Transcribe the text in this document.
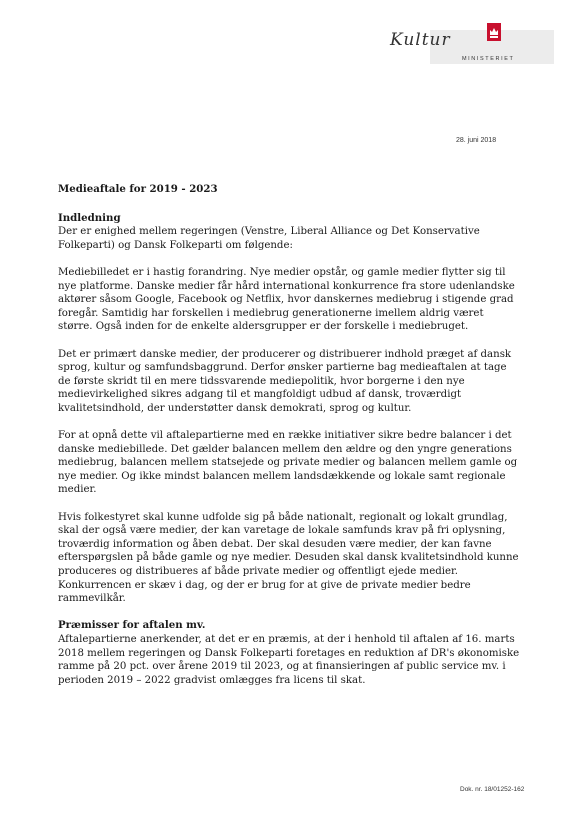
Kultur
MINISTERIET
28. juni 2018
Medieaftale for 2019 - 2023
Indledning

Der er enighed mellem regeringen (Venstre, Liberal Alliance og Det Konservative Folkeparti) og Dansk Folkeparti om følgende:

Mediebilledet er i hastig forandring. Nye medier opstår, og gamle medier flytter sig til nye platforme. Danske medier får hård international konkurrence fra store udenlandske aktører såsom Google, Facebook og Netflix, hvor danskernes mediebrug i stigende grad foregår. Samtidig har forskellen i mediebrug generationerne imellem aldrig været større. Også inden for de enkelte aldersgrupper er der forskelle i mediebruget.

Det er primært danske medier, der producerer og distribuerer indhold præget af dansk sprog, kultur og samfundsbaggrund. Derfor ønsker partierne bag medieaftalen at tage de første skridt til en mere tidssvarende mediepolitik, hvor borgerne i den nye medievirkelighed sikres adgang til et mangfoldigt udbud af dansk, troværdigt kvalitetsindhold, der understøtter dansk demokrati, sprog og kultur.

For at opnå dette vil aftalepartierne med en række initiativer sikre bedre balancer i det danske mediebillede. Det gælder balancen mellem den ældre og den yngre generations mediebrug, balancen mellem statsejede og private medier og balancen mellem gamle og nye medier. Og ikke mindst balancen mellem landsdækkende og lokale samt regionale medier.

Hvis folkestyret skal kunne udfolde sig på både nationalt, regionalt og lokalt grundlag, skal der også være medier, der kan varetage de lokale samfunds krav på fri oplysning, troværdig information og åben debat. Der skal desuden være medier, der kan favne efterspørgslen på både gamle og nye medier. Desuden skal dansk kvalitetsindhold kunne produceres og distribueres af både private medier og offentligt ejede medier. Konkurrencen er skæv i dag, og der er brug for at give de private medier bedre rammevilkår.

Præmisser for aftalen mv.

Aftalepartierne anerkender, at det er en præmis, at der i henhold til aftalen af 16. marts 2018 mellem regeringen og Dansk Folkeparti foretages en reduktion af DR's økonomiske ramme på 20 pct. over årene 2019 til 2023, og at finansieringen af public service mv. i perioden 2019 – 2022 gradvist omlægges fra licens til skat.

Dok. nr. 18/01252-162
